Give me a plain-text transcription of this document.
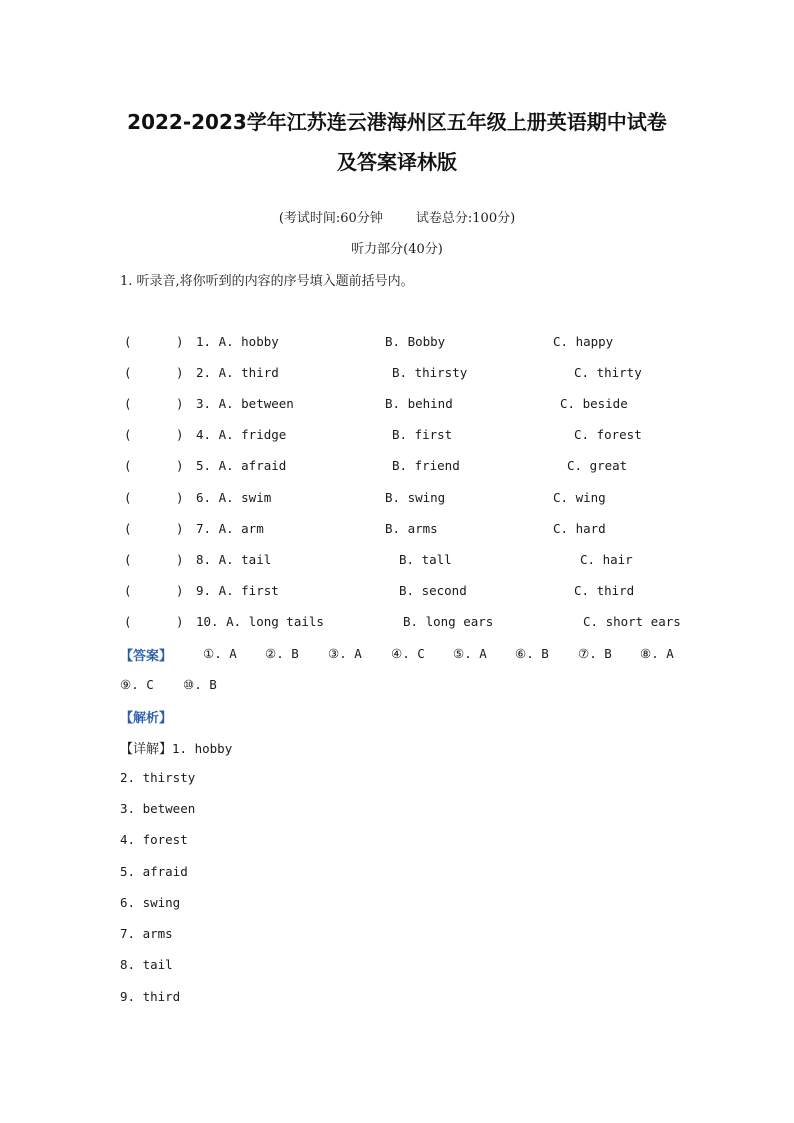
2022-2023学年江苏连云港海州区五年级上册英语期中试卷
及答案译林版
(考试时间:60分钟	试卷总分:100分)
听力部分(40分)
1. 听录音,将你听到的内容的序号填入题前括号内。
(	) 1. A. hobby	B. Bobby	C. happy
(	) 2. A. third	B. thirsty	C. thirty
(	) 3. A. between	B. behind	C. beside
(	) 4. A. fridge	B. first	C. forest
(	) 5. A. afraid	B. friend	C. great
(	) 6. A. swim	B. swing	C. wing
(	) 7. A. arm	B. arms	C. hard
(	) 8. A. tail	B. tall	C. hair
(	) 9. A. first	B. second	C. third
(	) 10. A. long tails	B. long ears	C. short ears
【答案】 ①. A ②. B ③. A ④. C ⑤. A ⑥. B ⑦. B ⑧. A
⑨. C ⑩. B
【解析】
【详解】1. hobby
2. thirsty
3. between
4. forest
5. afraid
6. swing
7. arms
8. tail
9. third
